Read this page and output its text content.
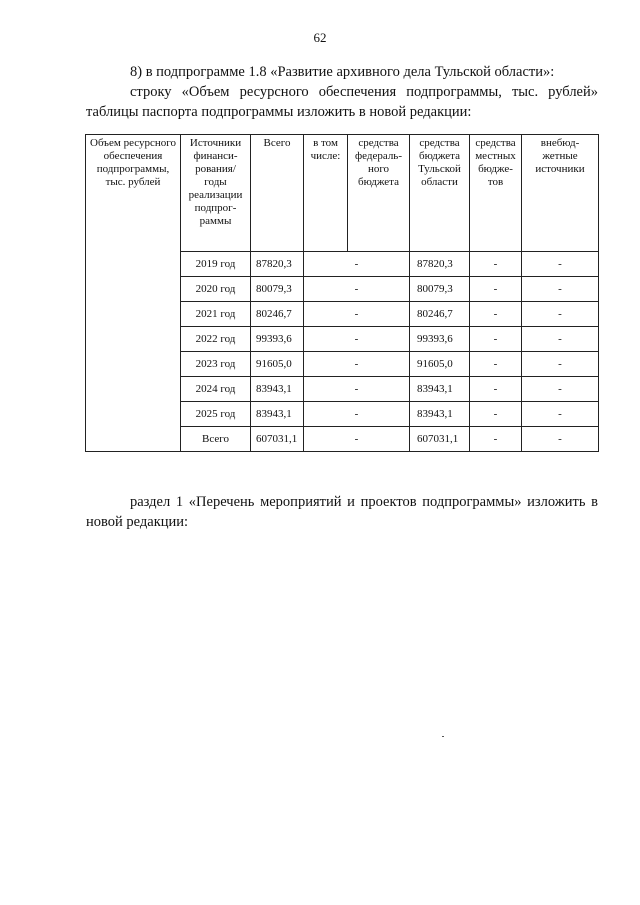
62

8) в подпрограмме 1.8 «Развитие архивного дела Тульской области»:

строку «Объем ресурсного обеспечения подпрограммы, тыс. рублей» таблицы паспорта подпрограммы изложить в новой редакции:

Объем ресурсного обеспечения подпрограммы, тыс. рублей	Источники финанси-рования/ годы реализации подпрог-раммы	Всего	в том числе:	средства федераль-ного бюджета	средства бюджета Тульской области	средства местных бюдже-тов	внебюд-жетные источники
	2019 год	87820,3	-		87820,3	-	-
	2020 год	80079,3	-		80079,3	-	-
	2021 год	80246,7	-		80246,7	-	-
	2022 год	99393,6	-		99393,6	-	-
	2023 год	91605,0	-		91605,0	-	-
	2024 год	83943,1	-		83943,1	-	-
	2025 год	83943,1	-		83943,1	-	-
	Всего	607031,1	-		607031,1	-	-

раздел 1 «Перечень мероприятий и проектов подпрограммы» изложить в новой редакции:
